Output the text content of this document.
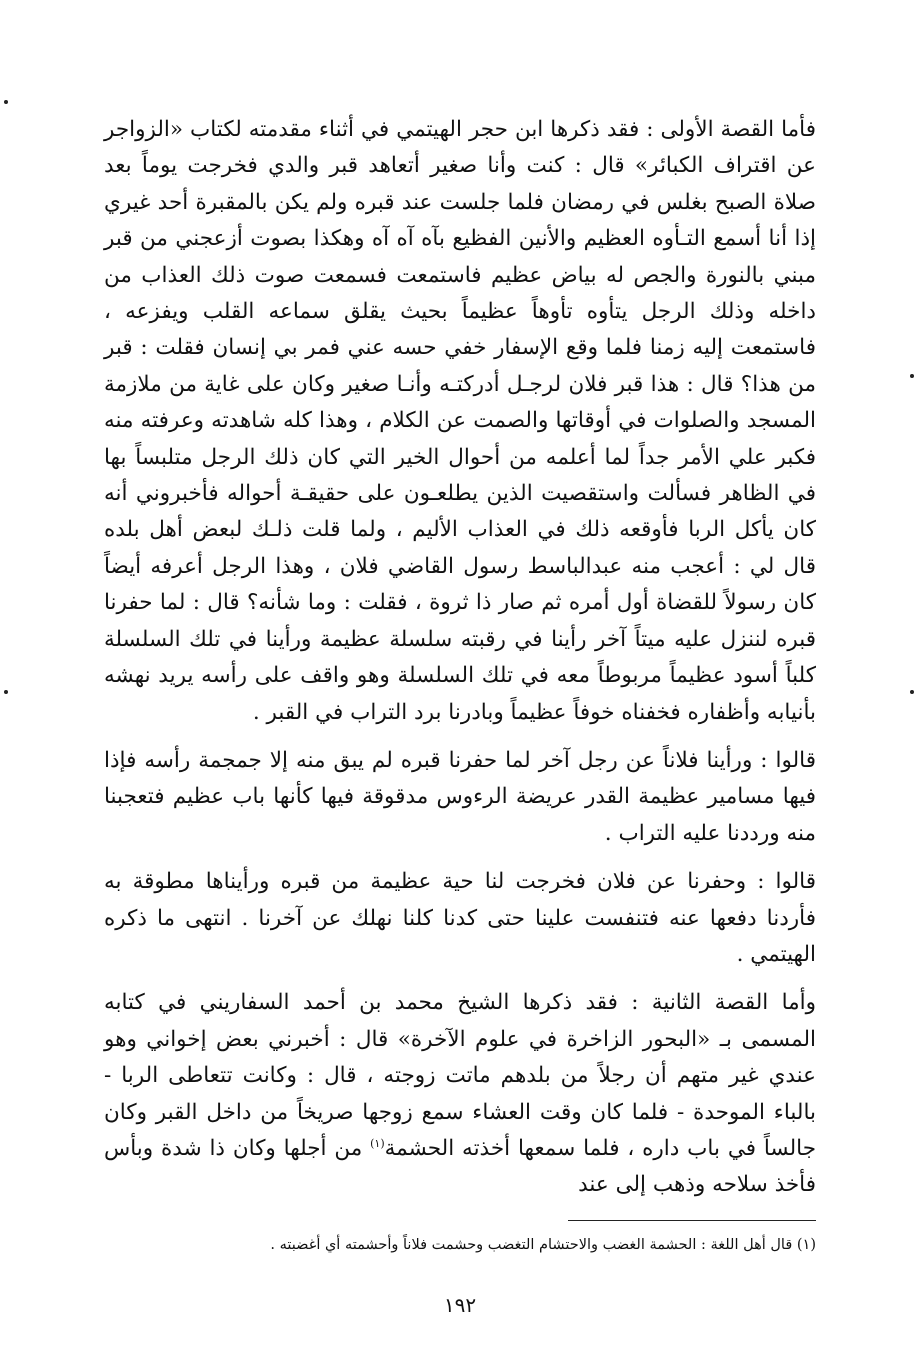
فأما القصة الأولى : فقد ذكرها ابن حجر الهيتمي في أثناء مقدمته لكتاب «الزواجر عن اقتراف الكبائر» قال : كنت وأنا صغير أتعاهد قبر والدي فخرجت يوماً بعد صلاة الصبح بغلس في رمضان فلما جلست عند قبره ولم يكن بالمقبرة أحد غيري إذا أنا أسمع التـأوه العظيم والأنين الفظيع بآه آه آه وهكذا بصوت أزعجني من قبر مبني بالنورة والجص له بياض عظيم فاستمعت فسمعت صوت ذلك العذاب من داخله وذلك الرجل يتأوه تأوهاً عظيماً بحيث يقلق سماعه القلب ويفزعه ، فاستمعت إليه زمنا فلما وقع الإسفار خفي حسه عني فمر بي إنسان فقلت : قبر من هذا؟ قال : هذا قبر فلان لرجـل أدركتـه وأنـا صغير وكان على غاية من ملازمة المسجد والصلوات في أوقاتها والصمت عن الكلام ، وهذا كله شاهدته وعرفته منه فكبر علي الأمر جداً لما أعلمه من أحوال الخير التي كان ذلك الرجل متلبساً بها في الظاهر فسألت واستقصيت الذين يطلعـون على حقيقـة أحواله فأخبروني أنه كان يأكل الربا فأوقعه ذلك في العذاب الأليم ، ولما قلت ذلـك لبعض أهل بلده قال لي : أعجب منه عبدالباسط رسول القاضي فلان ، وهذا الرجل أعرفه أيضاً كان رسولاً للقضاة أول أمره ثم صار ذا ثروة ، فقلت : وما شأنه؟ قال : لما حفرنا قبره لننزل عليه ميتاً آخر رأينا في رقبته سلسلة عظيمة ورأينا في تلك السلسلة كلباً أسود عظيماً مربوطاً معه في تلك السلسلة وهو واقف على رأسه يريد نهشه بأنيابه وأظفاره فخفناه خوفاً عظيماً وبادرنا برد التراب في القبر .

قالوا : ورأينا فلاناً عن رجل آخر لما حفرنا قبره لم يبق منه إلا جمجمة رأسه فإذا فيها مسامير عظيمة القدر عريضة الرءوس مدقوقة فيها كأنها باب عظيم فتعجبنا منه ورددنا عليه التراب .

قالوا : وحفرنا عن فلان فخرجت لنا حية عظيمة من قبره ورأيناها مطوقة به فأردنا دفعها عنه فتنفست علينا حتى كدنا كلنا نهلك عن آخرنا . انتهى ما ذكره الهيتمي .

وأما القصة الثانية : فقد ذكرها الشيخ محمد بن أحمد السفاريني في كتابه المسمى بـ «البحور الزاخرة في علوم الآخرة» قال : أخبرني بعض إخواني وهو عندي غير متهم أن رجلاً من بلدهم ماتت زوجته ، قال : وكانت تتعاطى الربا - بالباء الموحدة - فلما كان وقت العشاء سمع زوجها صريخاً من داخل القبر وكان جالساً في باب داره ، فلما سمعها أخذته الحشمة$^{(١)}$ من أجلها وكان ذا شدة وبأس فأخذ سلاحه وذهب إلى عند

(١) قال أهل اللغة : الحشمة الغضب والاحتشام التغضب وحشمت فلاناً وأحشمته أي أغضبته .
١٩٢
